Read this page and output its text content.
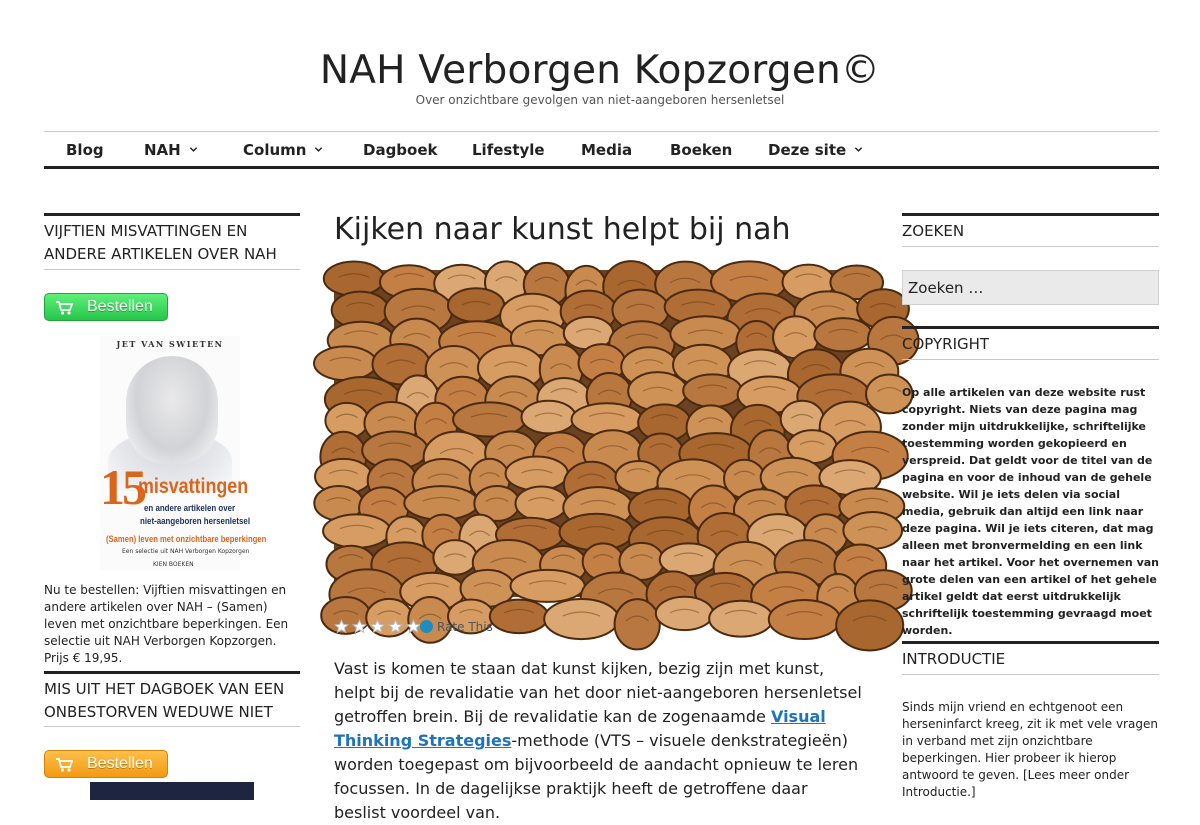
NAH Verborgen Kopzorgen©
Over onzichtbare gevolgen van niet-aangeboren hersenletsel
Blog	NAH	Column	Dagboek Lifestyle Media	Boeken Deze site
VIJFTIEN MISVATTINGEN EN ANDERE ARTIKELEN OVER NAH
Bestellen
JET VAN SWIETEN
15
misvattingen
en andere artikelen over
niet-aangeboren hersenletsel
(Samen) leven met onzichtbare beperkingen
Een selectie uit NAH Verborgen Kopzorgen
KIEN BOEKEN
Nu te bestellen: Vijftien misvattingen en andere artikelen over NAH – (Samen) leven met onzichtbare beperkingen. Een selectie uit NAH Verborgen Kopzorgen. Prijs € 19,95.
MIS UIT HET DAGBOEK VAN EEN ONBESTORVEN WEDUWE NIET
Bestellen
Kijken naar kunst helpt bij nah
Rate This
Vast is komen te staan dat kunst kijken, bezig zijn met kunst, helpt bij de revalidatie van het door niet-aangeboren hersenletsel getroffen brein. Bij de revalidatie kan de zogenaamde Visual Thinking Strategies-methode (VTS – visuele denkstrategieën) worden toegepast om bijvoorbeeld de aandacht opnieuw te leren focussen. In de dagelijkse praktijk heeft de getroffene daar beslist voordeel van.
ZOEKEN
Zoeken …
COPYRIGHT
Op alle artikelen van deze website rust copyright. Niets van deze pagina mag zonder mijn uitdrukkelijke, schriftelijke toestemming worden gekopieerd en verspreid. Dat geldt voor de titel van de pagina en voor de inhoud van de gehele website. Wil je iets delen via social media, gebruik dan altijd een link naar deze pagina. Wil je iets citeren, dat mag alleen met bronvermelding en een link naar het artikel. Voor het overnemen van grote delen van een artikel of het gehele artikel geldt dat eerst uitdrukkelijk schriftelijk toestemming gevraagd moet worden.
INTRODUCTIE
Sinds mijn vriend en echtgenoot een herseninfarct kreeg, zit ik met vele vragen in verband met zijn onzichtbare beperkingen. Hier probeer ik hierop antwoord te geven. [Lees meer onder Introductie.]
